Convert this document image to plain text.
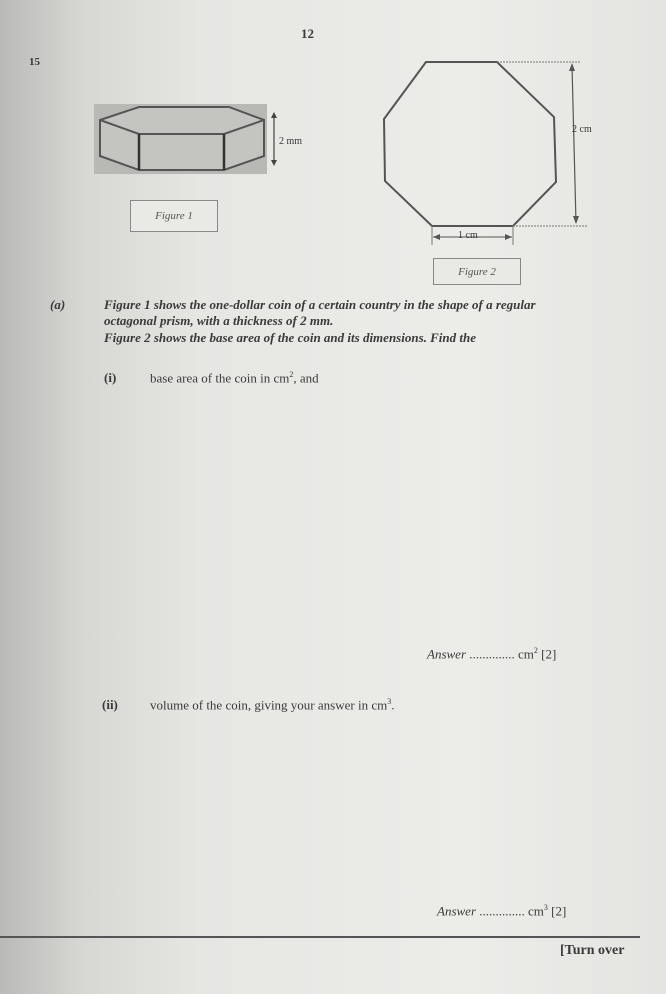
12
15
2 mm
Figure 1
2 cm
1 cm
Figure 2
(a)	Figure 1 shows the one-dollar coin of a certain country in the shape of a regular
octagonal prism, with a thickness of 2 mm.
Figure 2 shows the base area of the coin and its dimensions. Find the
(i)	base area of the coin in $cm^2$, and
Answer .............. $cm^2$ [2]
(ii) volume of the coin, giving your answer in $cm^3$.
Answer .............. $cm^3$ [2]
[Turn over
